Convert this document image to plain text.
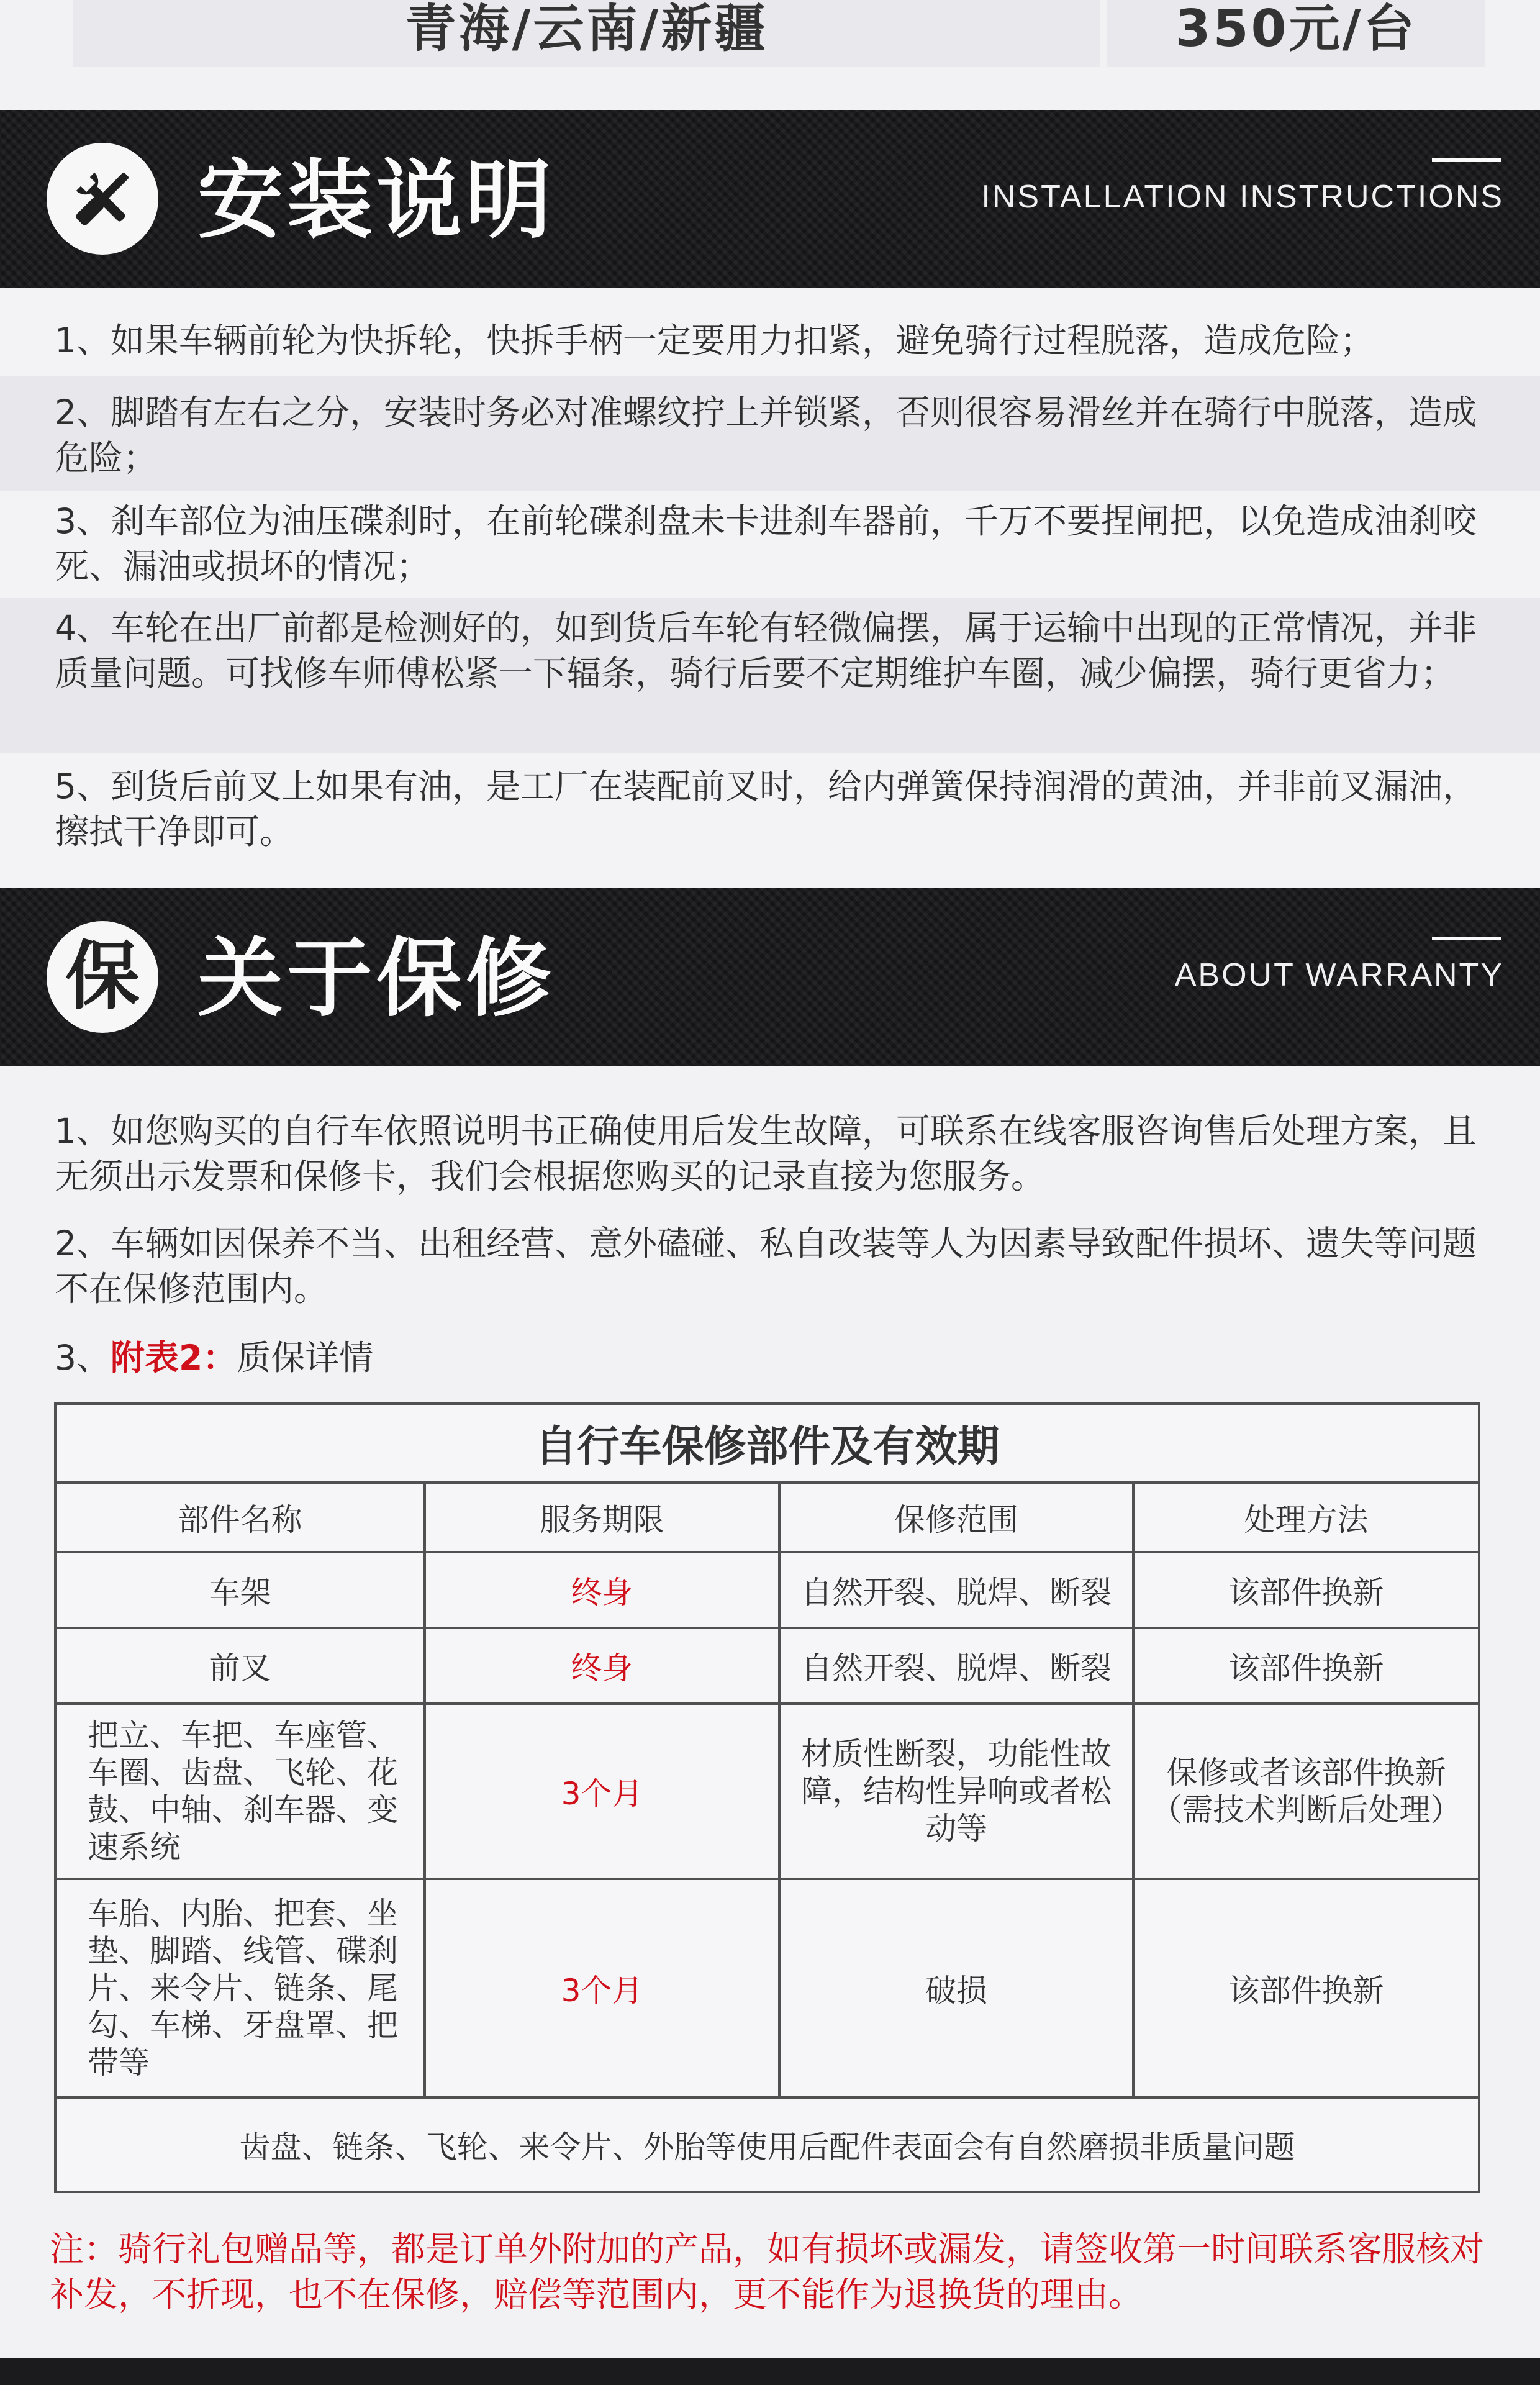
青海/云南/新疆	350元/台
安装说明	INSTALLATION INSTRUCTIONS
1、如果车辆前轮为快拆轮，快拆手柄一定要用力扣紧，避免骑行过程脱落，造成危险；
2、脚踏有左右之分，安装时务必对准螺纹拧上并锁紧，否则很容易滑丝并在骑行中脱落，造成危险；
3、刹车部位为油压碟刹时，在前轮碟刹盘未卡进刹车器前，千万不要捏闸把，以免造成油刹咬死、漏油或损坏的情况；
4、车轮在出厂前都是检测好的，如到货后车轮有轻微偏摆，属于运输中出现的正常情况，并非质量问题。可找修车师傅松紧一下辐条，骑行后要不定期维护车圈，减少偏摆，骑行更省力；
5、到货后前叉上如果有油，是工厂在装配前叉时，给内弹簧保持润滑的黄油，并非前叉漏油，擦拭干净即可。
保 关于保修	ABOUT WARRANTY
1、如您购买的自行车依照说明书正确使用后发生故障，可联系在线客服咨询售后处理方案，且无须出示发票和保修卡，我们会根据您购买的记录直接为您服务。
2、车辆如因保养不当、出租经营、意外磕碰、私自改装等人为因素导致配件损坏、遗失等问题不在保修范围内。
3、附表2：质保详情
自行车保修部件及有效期			
部件名称	服务期限	保修范围	处理方法
车架	终身	自然开裂、脱焊、断裂	该部件换新
前叉	终身	自然开裂、脱焊、断裂	该部件换新
把立、车把、车座管、车圈、齿盘、飞轮、花鼓、中轴、刹车器、变速系统	3个月	材质性断裂，功能性故障，结构性异响或者松动等	保修或者该部件换新（需技术判断后处理）
车胎、内胎、把套、坐垫、脚踏、线管、碟刹片、来令片、链条、尾勾、车梯、牙盘罩、把带等	3个月	破损	该部件换新
齿盘、链条、飞轮、来令片、外胎等使用后配件表面会有自然磨损非质量问题			
注：骑行礼包赠品等，都是订单外附加的产品，如有损坏或漏发，请签收第一时间联系客服核对补发，不折现，也不在保修，赔偿等范围内，更不能作为退换货的理由。
